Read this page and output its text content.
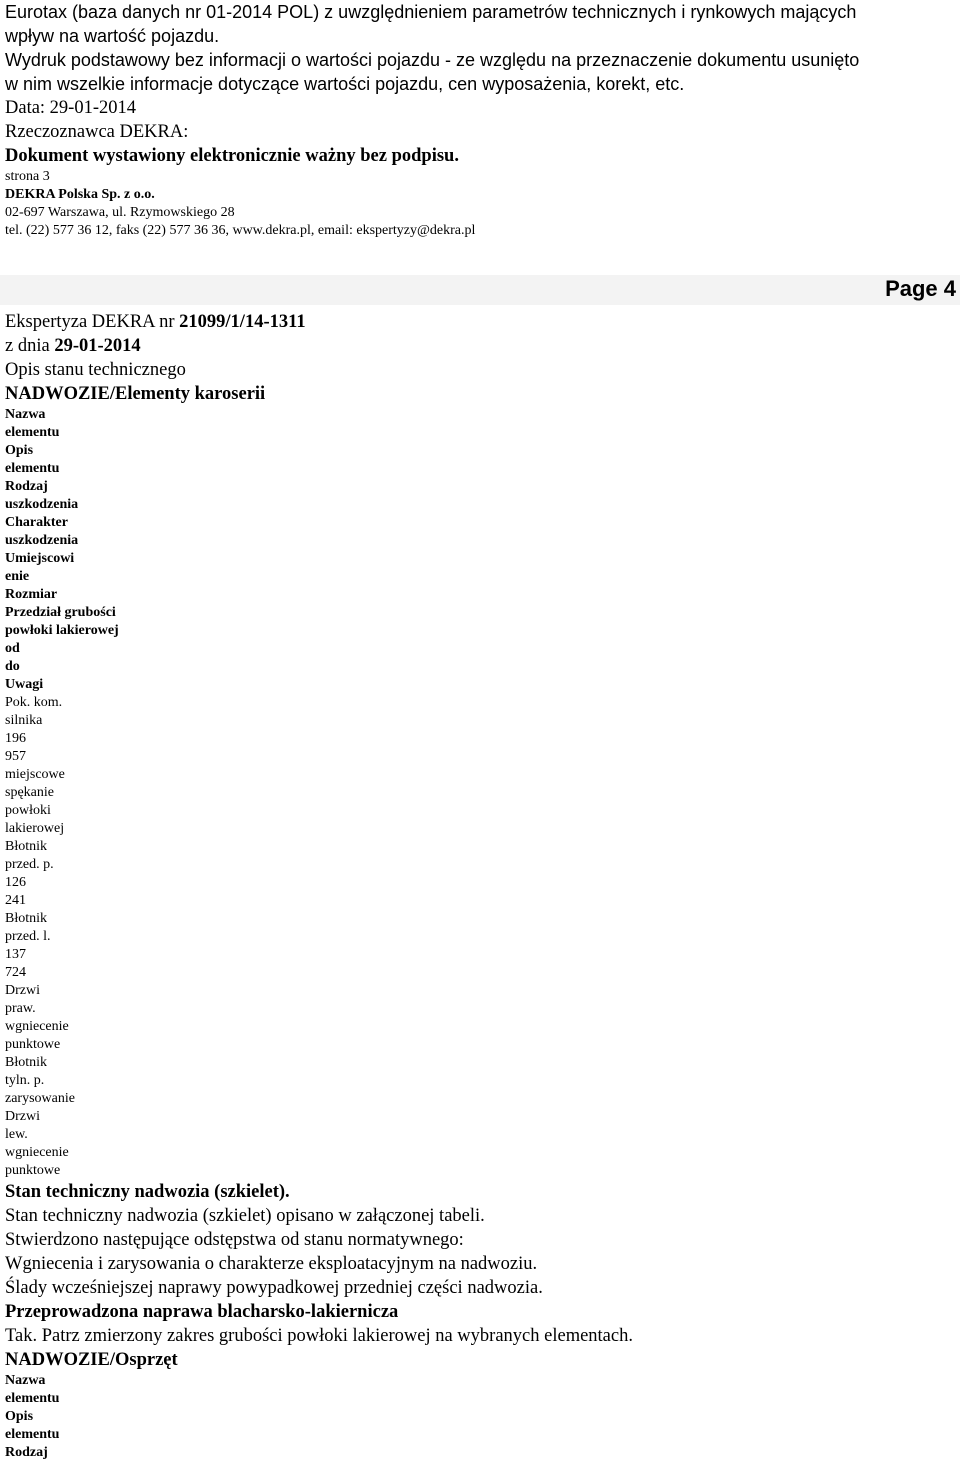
Eurotax (baza danych nr 01-2014 POL) z uwzględnieniem parametrów technicznych i rynkowych mających

wpływ na wartość pojazdu.

Wydruk podstawowy bez informacji o wartości pojazdu - ze względu na przeznaczenie dokumentu usunięto

w nim wszelkie informacje dotyczące wartości pojazdu, cen wyposażenia, korekt, etc.

Data: 29-01-2014

Rzeczoznawca DEKRA:

Dokument wystawiony elektronicznie ważny bez podpisu.

strona 3

DEKRA Polska Sp. z o.o.

02-697 Warszawa, ul. Rzymowskiego 28

tel. (22) 577 36 12, faks (22) 577 36 36, www.dekra.pl, email: ekspertyzy@dekra.pl

Page 4

Ekspertyza DEKRA nr 21099/1/14-1311

z dnia 29-01-2014

Opis stanu technicznego

NADWOZIE/Elementy karoserii

Nazwa

elementu

Opis

elementu

Rodzaj

uszkodzenia

Charakter

uszkodzenia

Umiejscowi

enie

Rozmiar

Przedział grubości

powłoki lakierowej

od

do

Uwagi

Pok. kom.

silnika

196

957

miejscowe

spękanie

powłoki

lakierowej

Błotnik

przed. p.

126

241

Błotnik

przed. l.

137

724

Drzwi

praw.

wgniecenie

punktowe

Błotnik

tyln. p.

zarysowanie

Drzwi

lew.

wgniecenie

punktowe

Stan techniczny nadwozia (szkielet).

Stan techniczny nadwozia (szkielet) opisano w załączonej tabeli.

Stwierdzono następujące odstępstwa od stanu normatywnego:

Wgniecenia i zarysowania o charakterze eksploatacyjnym na nadwoziu.

Ślady wcześniejszej naprawy powypadkowej przedniej części nadwozia.

Przeprowadzona naprawa blacharsko-lakiernicza

Tak. Patrz zmierzony zakres grubości powłoki lakierowej na wybranych elementach.

NADWOZIE/Osprzęt

Nazwa

elementu

Opis

elementu

Rodzaj
